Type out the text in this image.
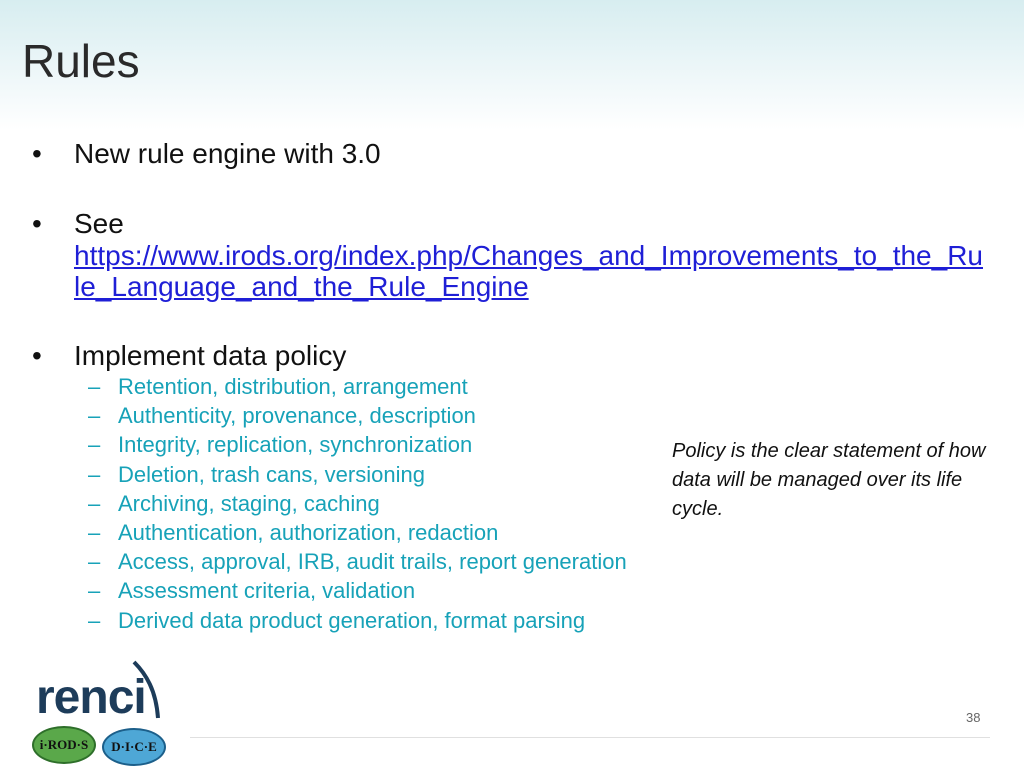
Rules
• New rule engine with 3.0
• See
https://www.irods.org/index.php/Changes_and_Improvements_to_the_Rule_Language_and_the_Rule_Engine
• Implement data policy
– Retention, distribution, arrangement
– Authenticity, provenance, description
– Integrity, replication, synchronization
– Deletion, trash cans, versioning
– Archiving, staging, caching
– Authentication, authorization, redaction
– Access, approval, IRB, audit trails, report generation
– Assessment criteria, validation
– Derived data product generation, format parsing
Policy is the clear statement of how data will be managed over its life cycle.
renci
i·ROD·S	D·I·C·E
38
